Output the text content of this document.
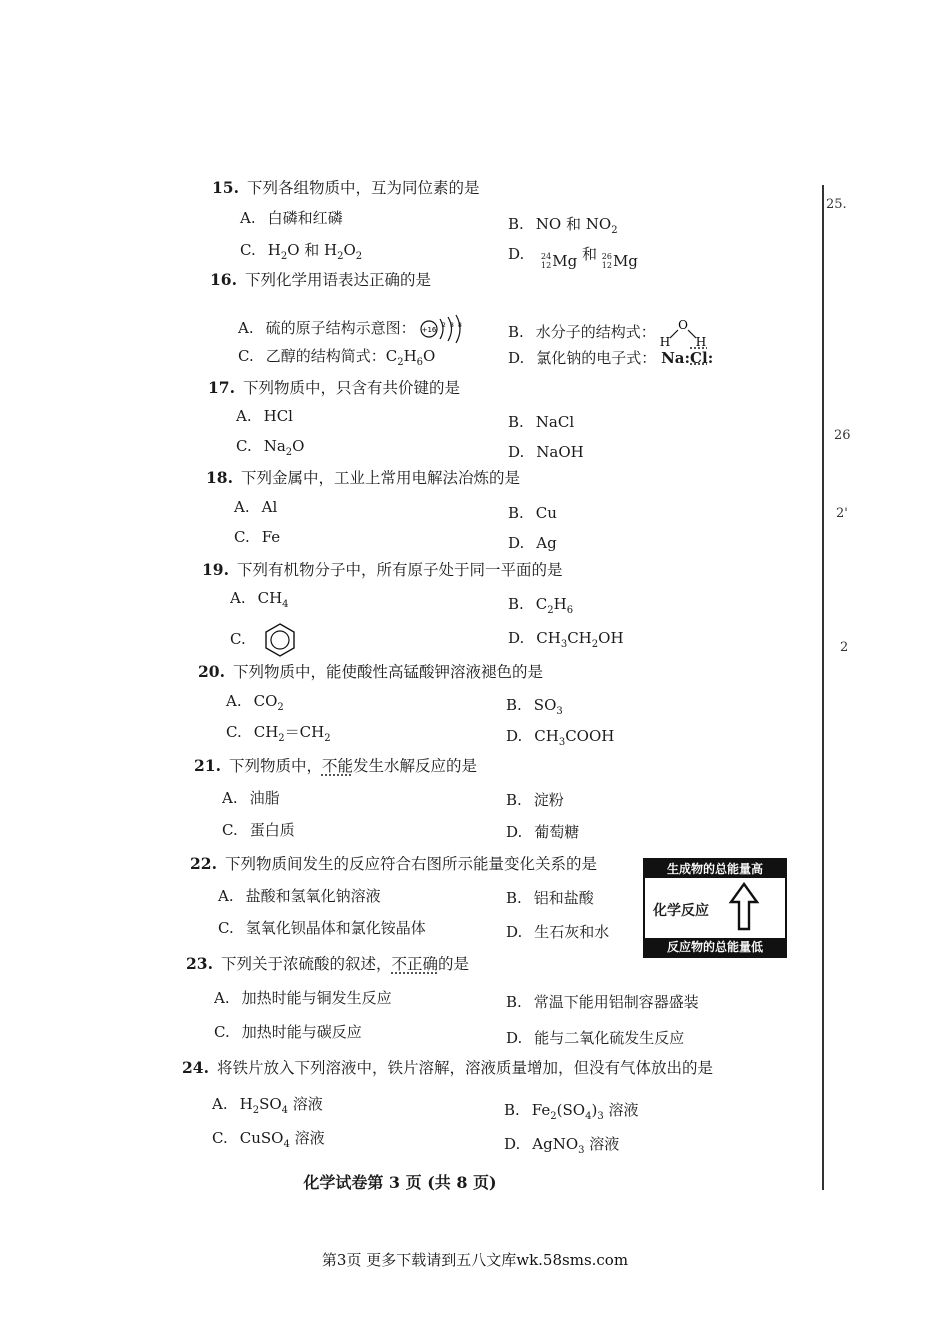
15. 下列各组物质中，互为同位素的是
A. 白磷和红磷	B. NO 和 $NO_2$
C. $H_2O$ 和 $H_2O_2$	D. 24
12 Mg 和 26
12 Mg
16. 下列化学用语表达正确的是
A. 硫的原子结构示意图： +16
2 8 8	B. 水分子的结构式： O
H H
C. 乙醇的结构简式：$C_2H_6O$	D. 氯化钠的电子式： Na:Cl:
17. 下列物质中，只含有共价键的是
A. HCl	B. NaCl
C. $Na_2O$	D. NaOH
18. 下列金属中，工业上常用电解法冶炼的是
A. Al	B. Cu
C. Fe	D. Ag
19. 下列有机物分子中，所有原子处于同一平面的是
A. $CH_4$	B. $C_2H_6$
C.	D. $CH_3CH_2OH$
20. 下列物质中，能使酸性高锰酸钾溶液褪色的是
A. $CO_2$	B. $SO_3$
C. $CH_2=CH_2$	D. $CH_3COOH$
21. 下列物质中，不能发生水解反应的是
A. 油脂	B. 淀粉
C. 蛋白质	D. 葡萄糖
22. 下列物质间发生的反应符合右图所示能量变化关系的是
A. 盐酸和氢氧化钠溶液	B. 铝和盐酸
C. 氢氧化钡晶体和氯化铵晶体	D. 生石灰和水
生成物的总能量高
化学反应
反应物的总能量低
23. 下列关于浓硫酸的叙述，不正确的是
A. 加热时能与铜发生反应	B. 常温下能用铝制容器盛装
C. 加热时能与碳反应	D. 能与二氧化硫发生反应
24. 将铁片放入下列溶液中，铁片溶解，溶液质量增加，但没有气体放出的是
A. $H_2SO_4$ 溶液	B. $Fe_2(SO_4)_3$ 溶液
C. CuSO$_4$ 溶液	D. AgNO$_3$ 溶液
25.
26
2'
2
化学试卷第 3 页 (共 8 页)
第3页 更多下载请到五八文库wk.58sms.com
